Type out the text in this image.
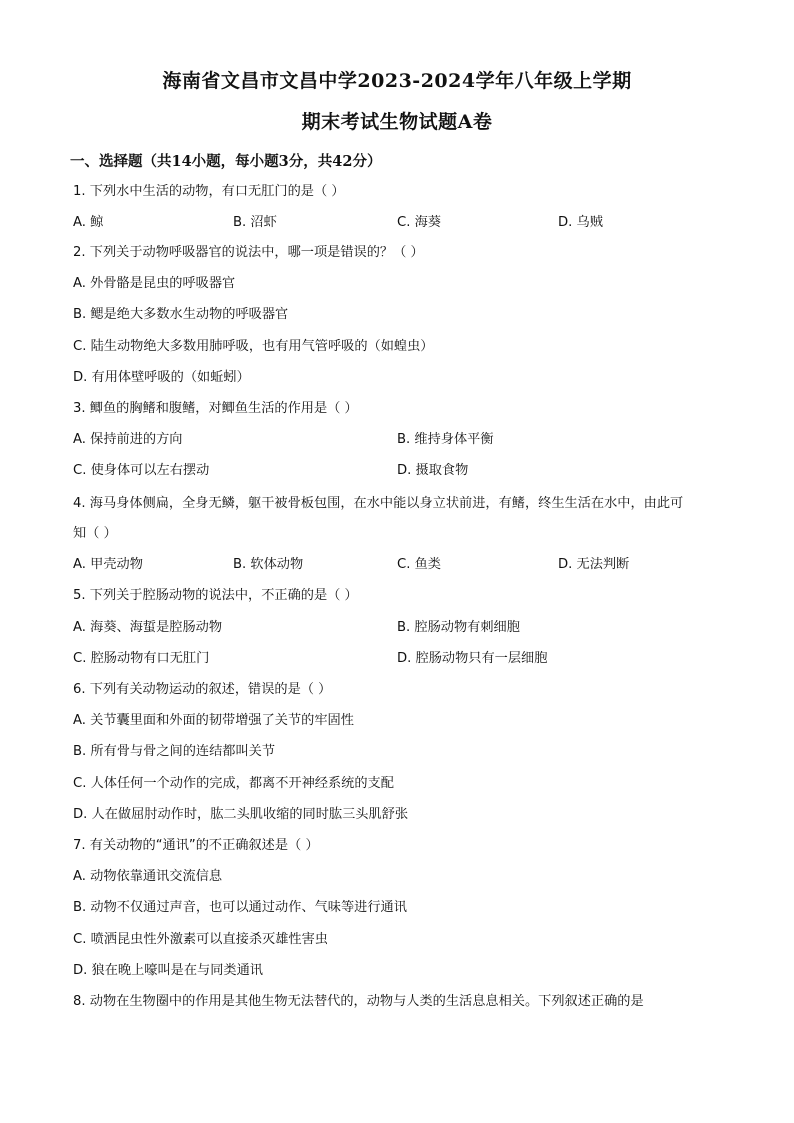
海南省文昌市文昌中学2023-2024学年八年级上学期
期末考试生物试题A卷
一、选择题（共14小题，每小题3分，共42分）
1. 下列水中生活的动物，有口无肛门的是（ ）
A. 鲸	B. 沼虾	C. 海葵	D. 乌贼
2. 下列关于动物呼吸器官的说法中，哪一项是错误的？（ ）
A. 外骨骼是昆虫的呼吸器官
B. 鳃是绝大多数水生动物的呼吸器官
C. 陆生动物绝大多数用肺呼吸，也有用气管呼吸的（如蝗虫）
D. 有用体壁呼吸的（如蚯蚓）
3. 鲫鱼的胸鳍和腹鳍，对鲫鱼生活的作用是（ ）
A. 保持前进的方向	B. 维持身体平衡
C. 使身体可以左右摆动	D. 摄取食物
4. 海马身体侧扁，全身无鳞，躯干被骨板包围，在水中能以身立状前进，有鳍，终生生活在水中，由此可
知（ ）
A. 甲壳动物	B. 软体动物	C. 鱼类	D. 无法判断
5. 下列关于腔肠动物的说法中，不正确的是（ ）
A. 海葵、海蜇是腔肠动物	B. 腔肠动物有刺细胞
C. 腔肠动物有口无肛门	D. 腔肠动物只有一层细胞
6. 下列有关动物运动的叙述，错误的是（ ）
A. 关节囊里面和外面的韧带增强了关节的牢固性
B. 所有骨与骨之间的连结都叫关节
C. 人体任何一个动作的完成，都离不开神经系统的支配
D. 人在做屈肘动作时，肱二头肌收缩的同时肱三头肌舒张
7. 有关动物的“通讯”的不正确叙述是（ ）
A. 动物依靠通讯交流信息
B. 动物不仅通过声音，也可以通过动作、气味等进行通讯
C. 喷洒昆虫性外激素可以直接杀灭雄性害虫
D. 狼在晚上嚎叫是在与同类通讯
8. 动物在生物圈中的作用是其他生物无法替代的，动物与人类的生活息息相关。下列叙述正确的是
